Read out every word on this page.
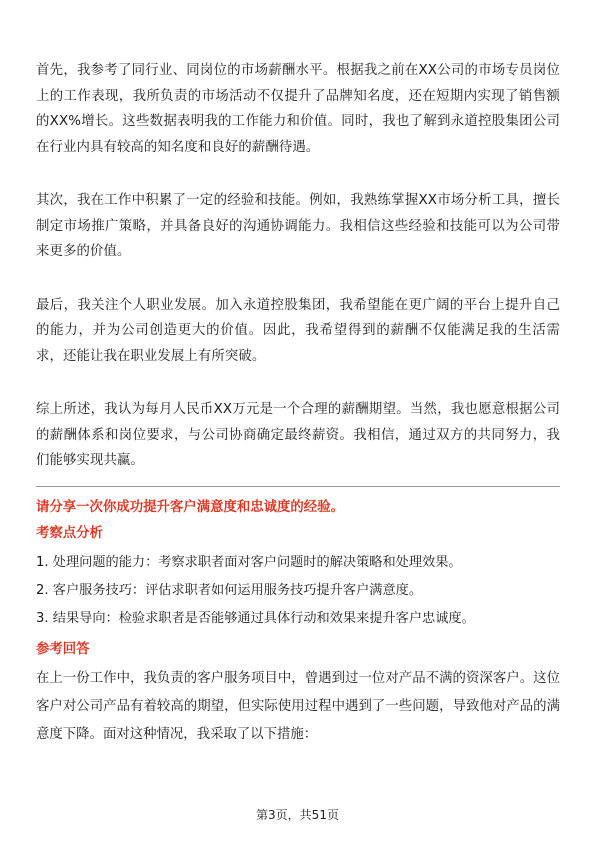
首先，我参考了同行业、同岗位的市场薪酬水平。根据我之前在XX公司的市场专员岗位上的工作表现，我所负责的市场活动不仅提升了品牌知名度，还在短期内实现了销售额的XX%增长。这些数据表明我的工作能力和价值。同时，我也了解到永道控股集团公司在行业内具有较高的知名度和良好的薪酬待遇。

其次，我在工作中积累了一定的经验和技能。例如，我熟练掌握XX市场分析工具，擅长制定市场推广策略，并具备良好的沟通协调能力。我相信这些经验和技能可以为公司带来更多的价值。

最后，我关注个人职业发展。加入永道控股集团，我希望能在更广阔的平台上提升自己的能力，并为公司创造更大的价值。因此，我希望得到的薪酬不仅能满足我的生活需求，还能让我在职业发展上有所突破。

综上所述，我认为每月人民币XX万元是一个合理的薪酬期望。当然，我也愿意根据公司的薪酬体系和岗位要求，与公司协商确定最终薪资。我相信，通过双方的共同努力，我们能够实现共赢。

请分享一次你成功提升客户满意度和忠诚度的经验。
考察点分析
1. 处理问题的能力：考察求职者面对客户问题时的解决策略和处理效果。
2. 客户服务技巧：评估求职者如何运用服务技巧提升客户满意度。
3. 结果导向：检验求职者是否能够通过具体行动和效果来提升客户忠诚度。
参考回答

在上一份工作中，我负责的客户服务项目中，曾遇到过一位对产品不满的资深客户。这位客户对公司产品有着较高的期望，但实际使用过程中遇到了一些问题，导致他对产品的满意度下降。面对这种情况，我采取了以下措施：

第3页，共51页
